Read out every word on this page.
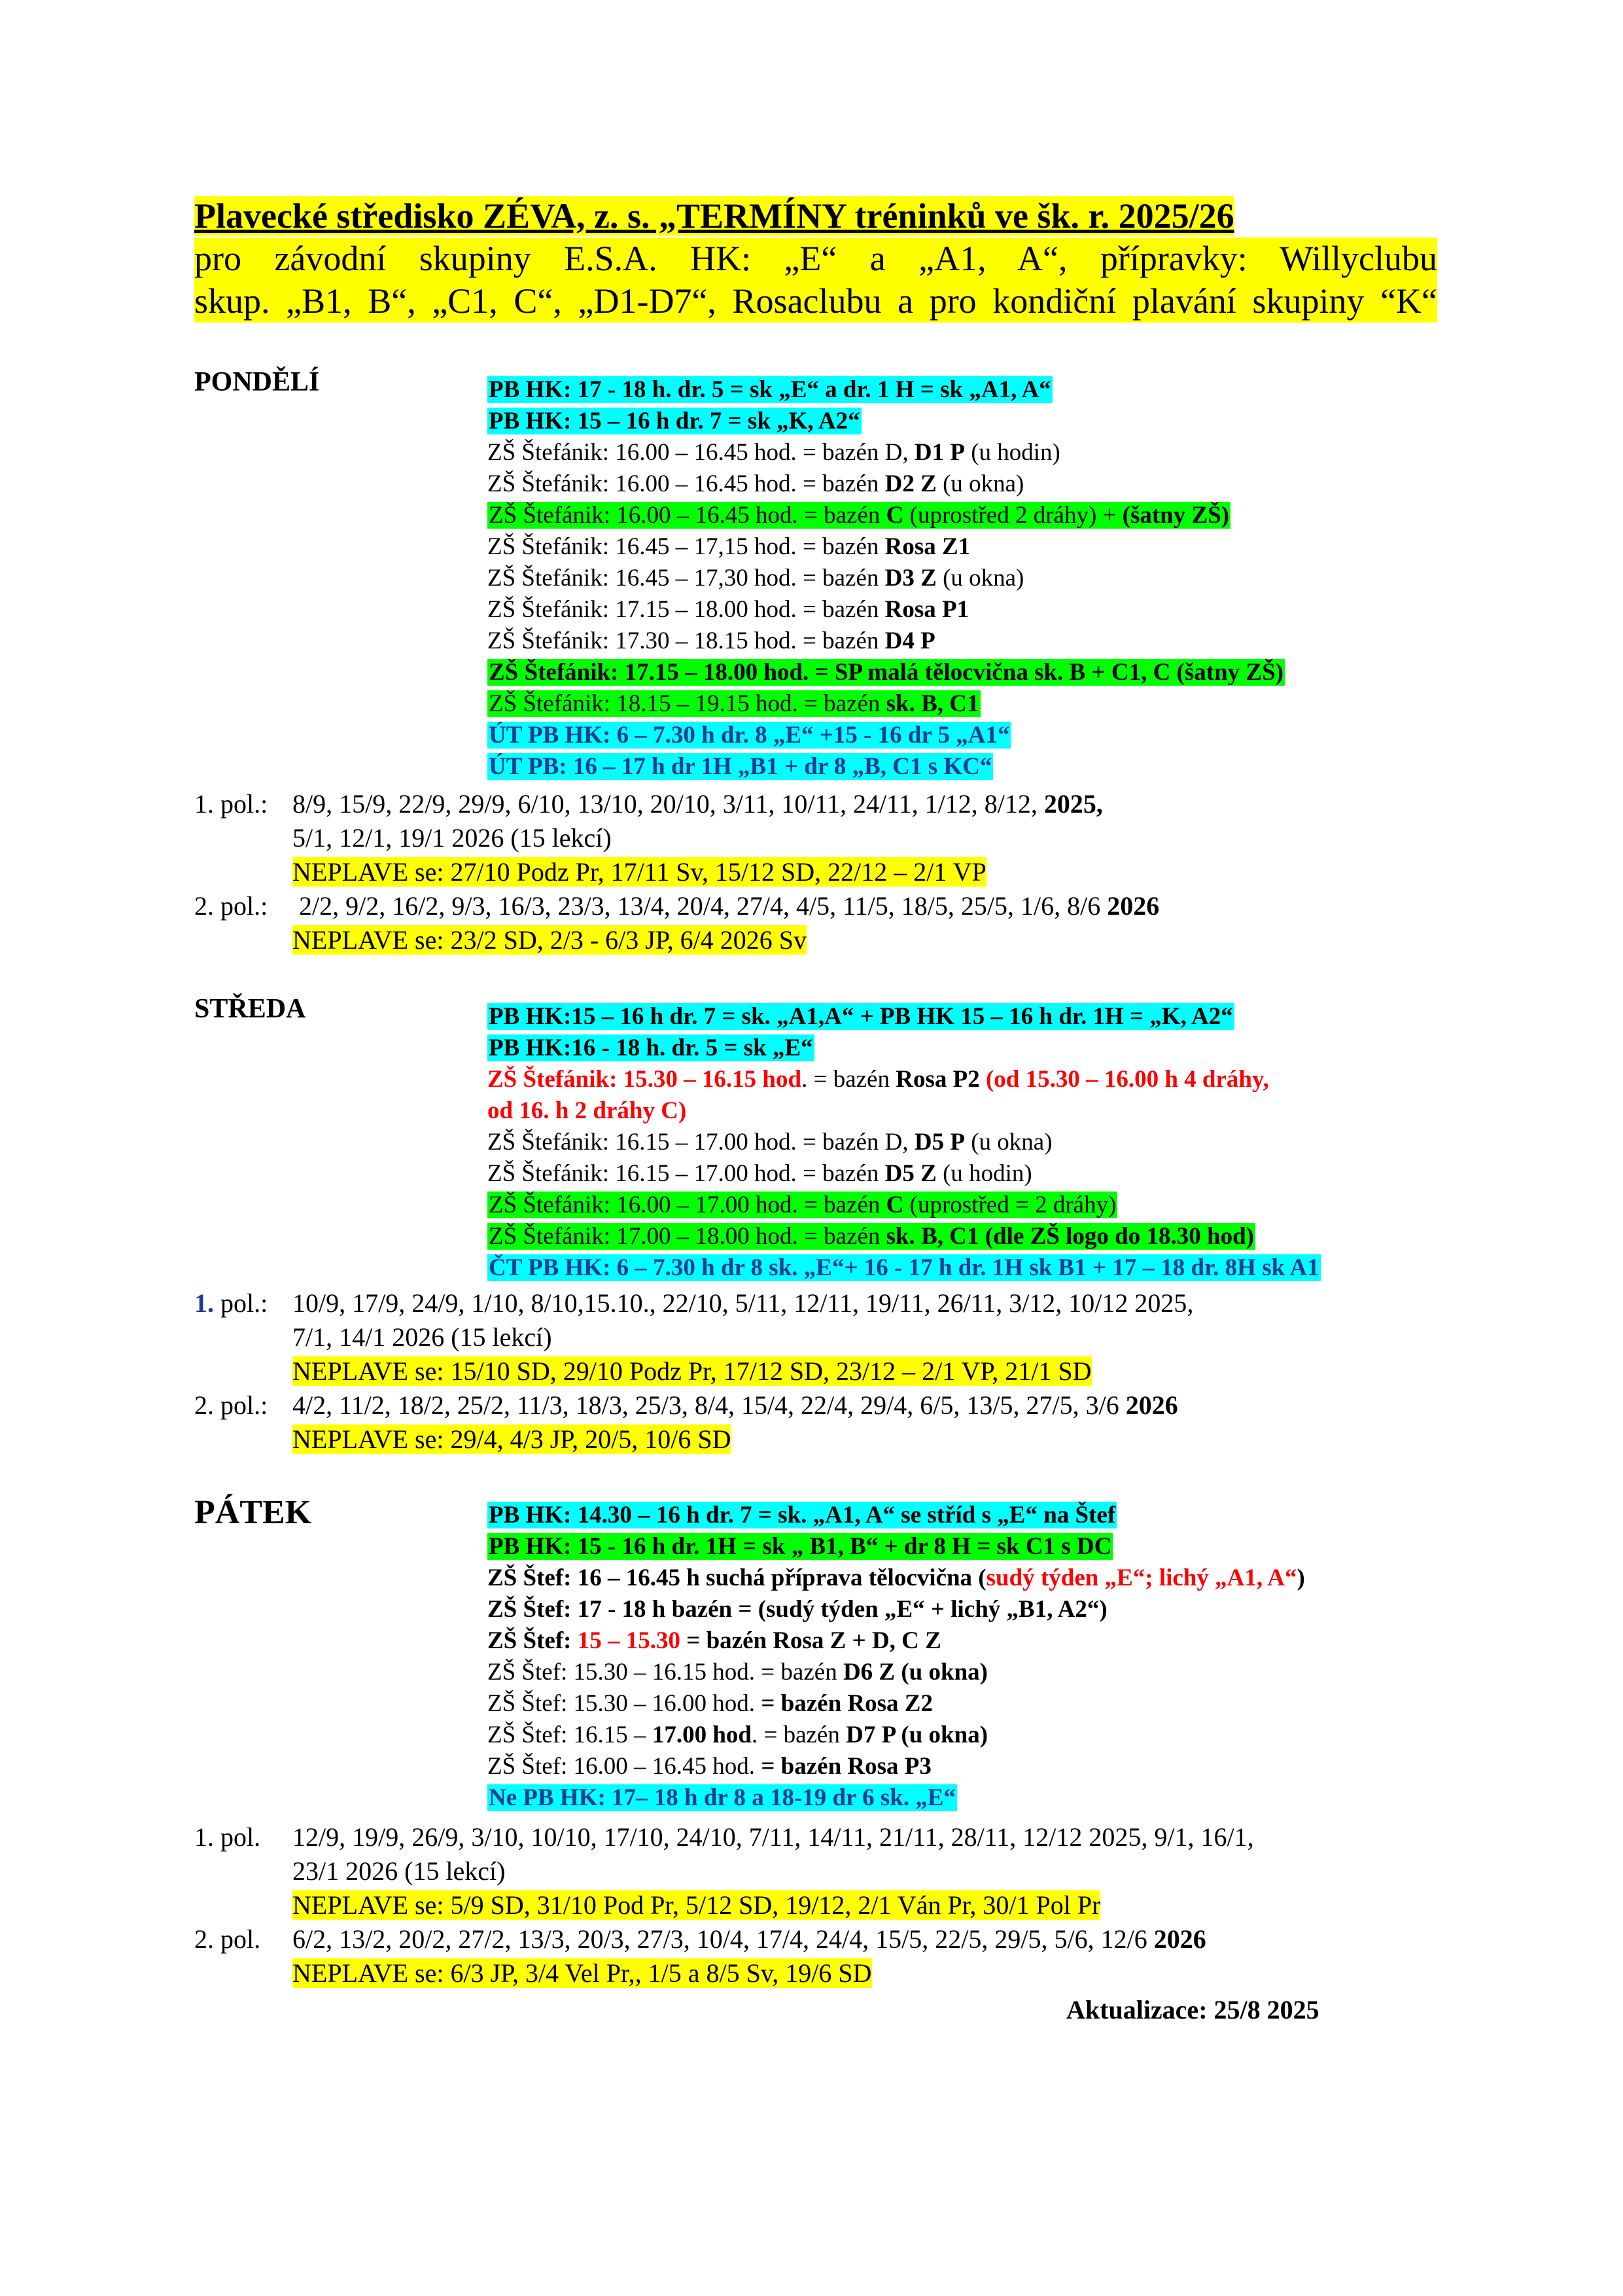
Plavecké středisko ZÉVA, z. s. „TERMÍNY tréninků ve šk. r. 2025/26
pro závodní skupiny E.S.A. HK: „E“ a „A1, A“, přípravky: Willyclubu
skup. „B1, B“, „C1, C“, „D1-D7“, Rosaclubu a pro kondiční plavání skupiny “K“
PONDĚLÍ	PB HK: 17 - 18 h. dr. 5 = sk „E“ a dr. 1 H = sk „A1, A“
PB HK: 15 – 16 h dr. 7 = sk „K, A2“
ZŠ Štefánik: 16.00 – 16.45 hod. = bazén D, D1 P (u hodin)
ZŠ Štefánik: 16.00 – 16.45 hod. = bazén D2 Z (u okna)
ZŠ Štefánik: 16.00 – 16.45 hod. = bazén C (uprostřed 2 dráhy) + (šatny ZŠ)
ZŠ Štefánik: 16.45 – 17,15 hod. = bazén Rosa Z1
ZŠ Štefánik: 16.45 – 17,30 hod. = bazén D3 Z (u okna)
ZŠ Štefánik: 17.15 – 18.00 hod. = bazén Rosa P1
ZŠ Štefánik: 17.30 – 18.15 hod. = bazén D4 P
ZŠ Štefánik: 17.15 – 18.00 hod. = SP malá tělocvična sk. B + C1, C (šatny ZŠ)
ZŠ Štefánik: 18.15 – 19.15 hod. = bazén sk. B, C1
ÚT PB HK: 6 – 7.30 h dr. 8 „E“ +15 - 16 dr 5 „A1“
ÚT PB: 16 – 17 h dr 1H „B1 + dr 8 „B, C1 s KC“
1. pol.: 8/9, 15/9, 22/9, 29/9, 6/10, 13/10, 20/10, 3/11, 10/11, 24/11, 1/12, 8/12, 2025,
5/1, 12/1, 19/1 2026 (15 lekcí)
NEPLAVE se: 27/10 Podz Pr, 17/11 Sv, 15/12 SD, 22/12 – 2/1 VP
2. pol.: 2/2, 9/2, 16/2, 9/3, 16/3, 23/3, 13/4, 20/4, 27/4, 4/5, 11/5, 18/5, 25/5, 1/6, 8/6 2026
NEPLAVE se: 23/2 SD, 2/3 - 6/3 JP, 6/4 2026 Sv
STŘEDA	PB HK:15 – 16 h dr. 7 = sk. „A1,A“ + PB HK 15 – 16 h dr. 1H = „K, A2“
PB HK:16 - 18 h. dr. 5 = sk „E“
ZŠ Štefánik: 15.30 – 16.15 hod. = bazén Rosa P2 (od 15.30 – 16.00 h 4 dráhy,
od 16. h 2 dráhy C)
ZŠ Štefánik: 16.15 – 17.00 hod. = bazén D, D5 P (u okna)
ZŠ Štefánik: 16.15 – 17.00 hod. = bazén D5 Z (u hodin)
ZŠ Štefánik: 16.00 – 17.00 hod. = bazén C (uprostřed = 2 dráhy)
ZŠ Štefánik: 17.00 – 18.00 hod. = bazén sk. B, C1 (dle ZŠ logo do 18.30 hod)
ČT PB HK: 6 – 7.30 h dr 8 sk. „E“+ 16 - 17 h dr. 1H sk B1 + 17 – 18 dr. 8H sk A1
1. pol.: 10/9, 17/9, 24/9, 1/10, 8/10,15.10., 22/10, 5/11, 12/11, 19/11, 26/11, 3/12, 10/12 2025,
7/1, 14/1 2026 (15 lekcí)
NEPLAVE se: 15/10 SD, 29/10 Podz Pr, 17/12 SD, 23/12 – 2/1 VP, 21/1 SD
2. pol.: 4/2, 11/2, 18/2, 25/2, 11/3, 18/3, 25/3, 8/4, 15/4, 22/4, 29/4, 6/5, 13/5, 27/5, 3/6 2026
NEPLAVE se: 29/4, 4/3 JP, 20/5, 10/6 SD
PÁTEK	PB HK: 14.30 – 16 h dr. 7 = sk. „A1, A“ se stříd s „E“ na Štef
PB HK: 15 - 16 h dr. 1H = sk „ B1, B“ + dr 8 H = sk C1 s DC
ZŠ Štef: 16 – 16.45 h suchá příprava tělocvična (sudý týden „E“; lichý „A1, A“)
ZŠ Štef: 17 - 18 h bazén = (sudý týden „E“ + lichý „B1, A2“)
ZŠ Štef: 15 – 15.30 = bazén Rosa Z + D, C Z
ZŠ Štef: 15.30 – 16.15 hod. = bazén D6 Z (u okna)
ZŠ Štef: 15.30 – 16.00 hod. = bazén Rosa Z2
ZŠ Štef: 16.15 – 17.00 hod. = bazén D7 P (u okna)
ZŠ Štef: 16.00 – 16.45 hod. = bazén Rosa P3
Ne PB HK: 17– 18 h dr 8 a 18-19 dr 6 sk. „E“
1. pol. 12/9, 19/9, 26/9, 3/10, 10/10, 17/10, 24/10, 7/11, 14/11, 21/11, 28/11, 12/12 2025, 9/1, 16/1,
23/1 2026 (15 lekcí)
NEPLAVE se: 5/9 SD, 31/10 Pod Pr, 5/12 SD, 19/12, 2/1 Ván Pr, 30/1 Pol Pr
2. pol. 6/2, 13/2, 20/2, 27/2, 13/3, 20/3, 27/3, 10/4, 17/4, 24/4, 15/5, 22/5, 29/5, 5/6, 12/6 2026
NEPLAVE se: 6/3 JP, 3/4 Vel Pr,, 1/5 a 8/5 Sv, 19/6 SD
Aktualizace: 25/8 2025
